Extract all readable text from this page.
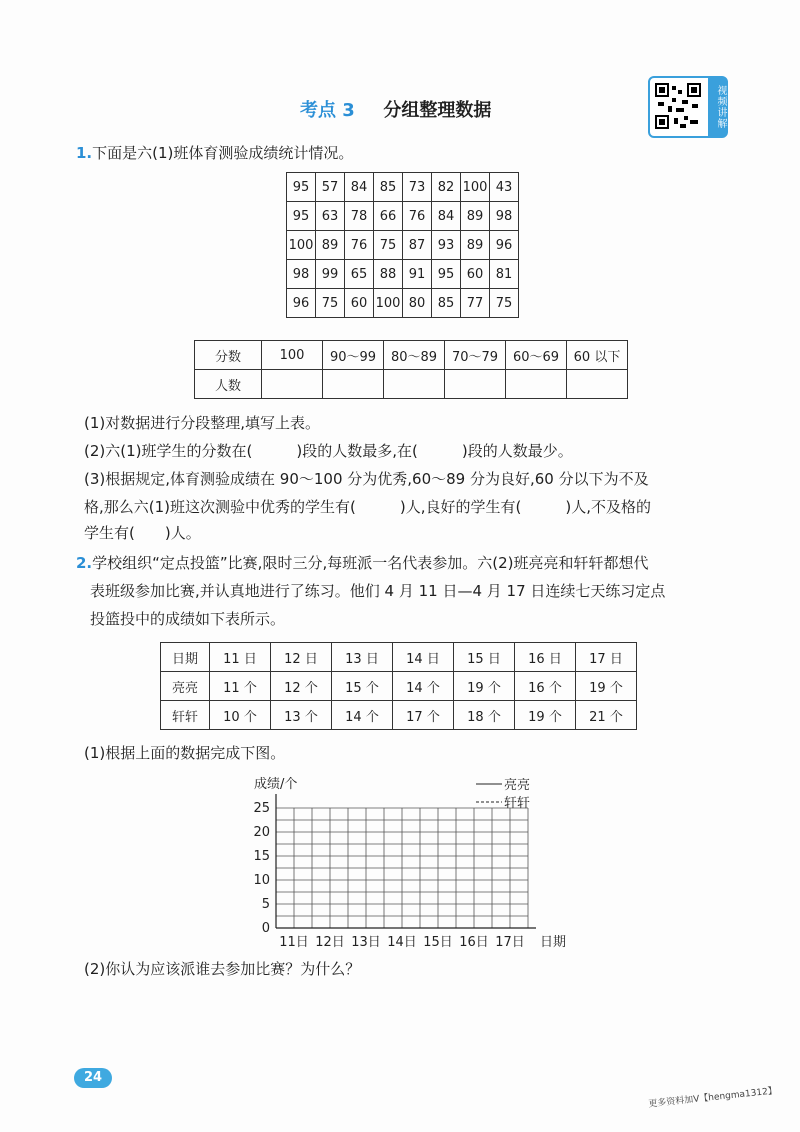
考点 3 分组整理数据	视频讲解
1.下面是六(1)班体育测验成绩统计情况。
95	57	84	85	73	82	100	43
95	63	78	66	76	84	89	98
100	89	76	75	87	93	89	96
98	99	65	88	91	95	60	81
96	75	60	100	80	85	77	75
分数	100	90～99	80～89	70～79	60～69	60 以下
人数						
(1)对数据进行分段整理,填写上表。
(2)六(1)班学生的分数在(	)段的人数最多,在(	)段的人数最少。
(3)根据规定,体育测验成绩在 90～100 分为优秀,60～89 分为良好,60 分以下为不及
格,那么六(1)班这次测验中优秀的学生有(	)人,良好的学生有(	)人,不及格的
学生有( )人。
2.学校组织“定点投篮”比赛,限时三分,每班派一名代表参加。六(2)班亮亮和轩轩都想代
表班级参加比赛,并认真地进行了练习。他们 4 月 11 日—4 月 17 日连续七天练习定点
投篮投中的成绩如下表所示。
日期	11 日	12 日	13 日	14 日	15 日	16 日	17 日
亮亮	11 个	12 个	15 个	14 个	19 个	16 个	19 个
轩轩	10 个	13 个	14 个	17 个	18 个	19 个	21 个
(1)根据上面的数据完成下图。
成绩/个
25
20
15
10
5
0
11日 12日 13日 14日 15日 16日 17日 日期
亮亮
轩轩
(2)你认为应该派谁去参加比赛？为什么？
24
更多资料加V【hengma1312】
